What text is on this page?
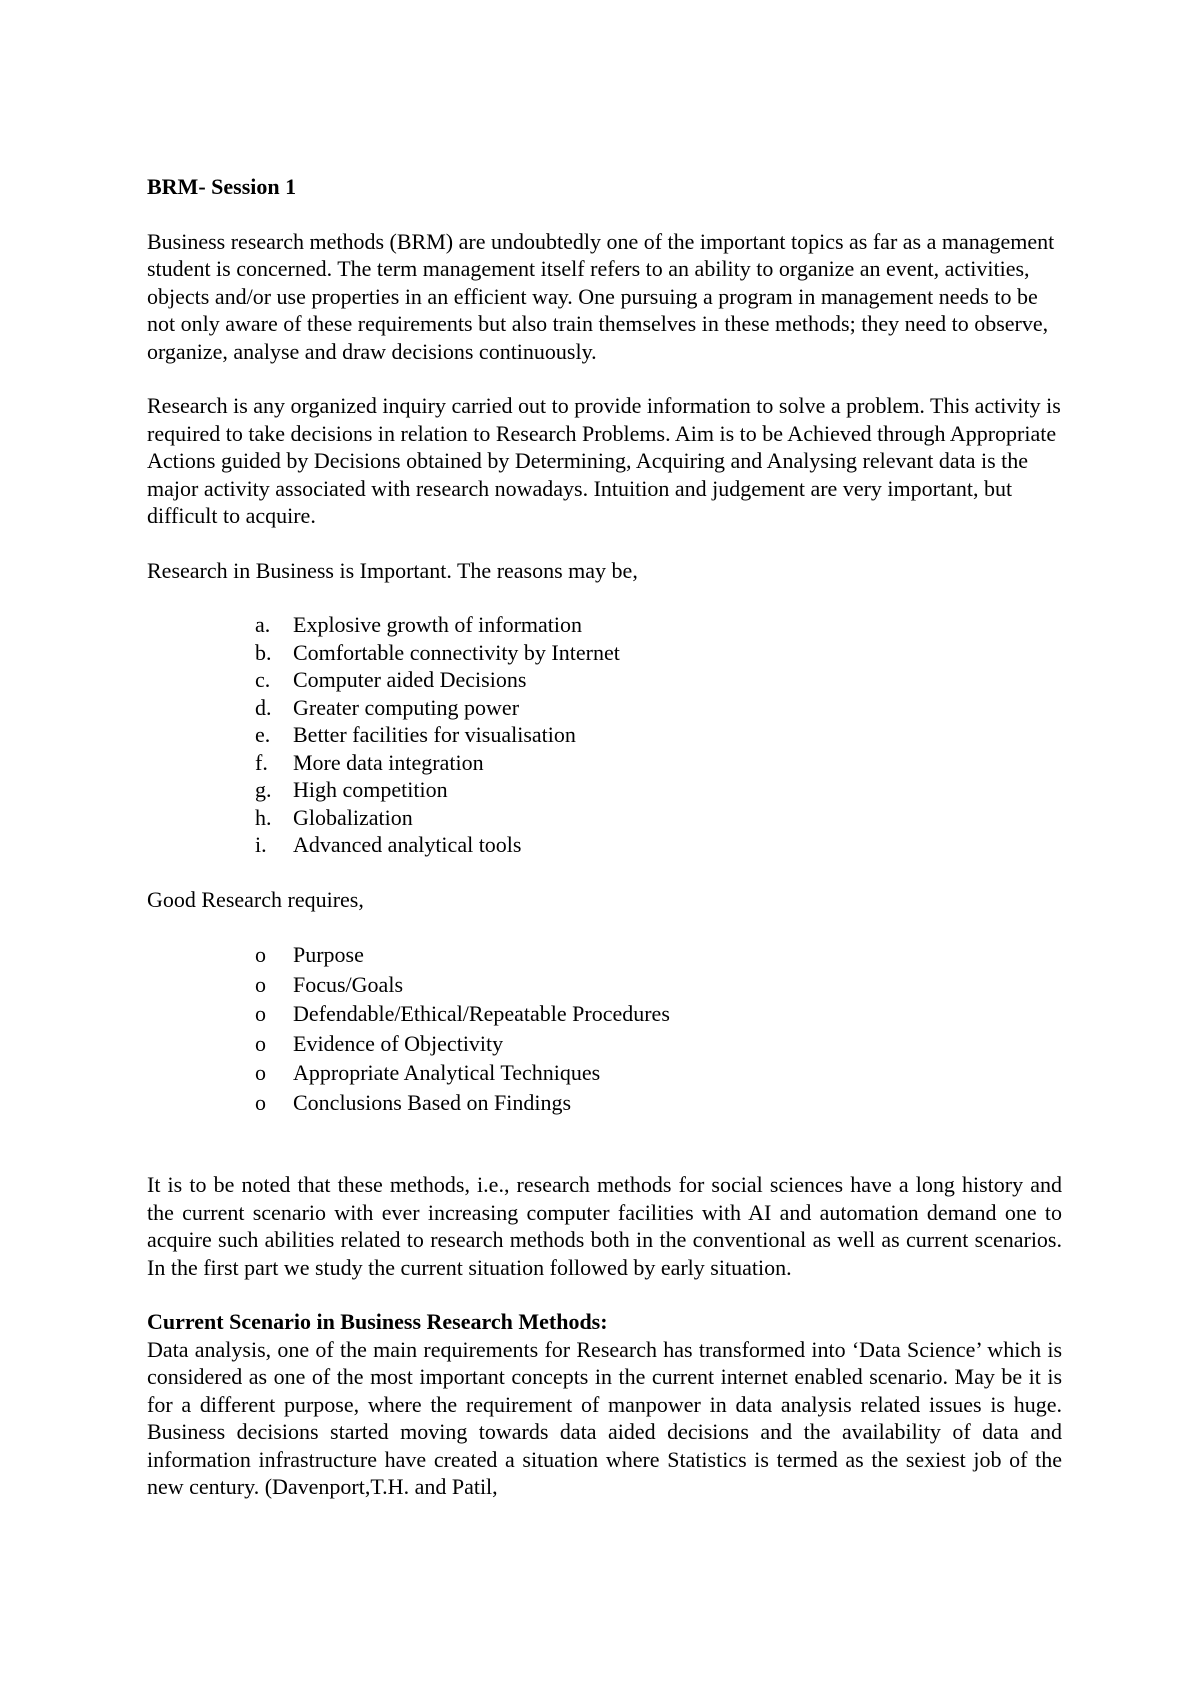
BRM- Session 1

Business research methods (BRM) are undoubtedly one of the important topics as far as a management student is concerned. The term management itself refers to an ability to organize an event, activities, objects and/or use properties in an efficient way. One pursuing a program in management needs to be not only aware of these requirements but also train themselves in these methods; they need to observe, organize, analyse and draw decisions continuously.

Research is any organized inquiry carried out to provide information to solve a problem. This activity is required to take decisions in relation to Research Problems. Aim is to be Achieved through Appropriate Actions guided by Decisions obtained by Determining, Acquiring and Analysing relevant data is the major activity associated with research nowadays. Intuition and judgement are very important, but difficult to acquire.

Research in Business is Important. The reasons may be,

a. Explosive growth of information
b. Comfortable connectivity by Internet
c. Computer aided Decisions
d. Greater computing power
e. Better facilities for visualisation
f. More data integration
g. High competition
h. Globalization
i. Advanced analytical tools

Good Research requires,

o Purpose
o Focus/Goals
o Defendable/Ethical/Repeatable Procedures
o Evidence of Objectivity
o Appropriate Analytical Techniques
o Conclusions Based on Findings

It is to be noted that these methods, i.e., research methods for social sciences have a long history and the current scenario with ever increasing computer facilities with AI and automation demand one to acquire such abilities related to research methods both in the conventional as well as current scenarios. In the first part we study the current situation followed by early situation.

Current Scenario in Business Research Methods:

Data analysis, one of the main requirements for Research has transformed into ‘Data Science’ which is considered as one of the most important concepts in the current internet enabled scenario. May be it is for a different purpose, where the requirement of manpower in data analysis related issues is huge. Business decisions started moving towards data aided decisions and the availability of data and information infrastructure have created a situation where Statistics is termed as the sexiest job of the new century. (Davenport,T.H. and Patil,
